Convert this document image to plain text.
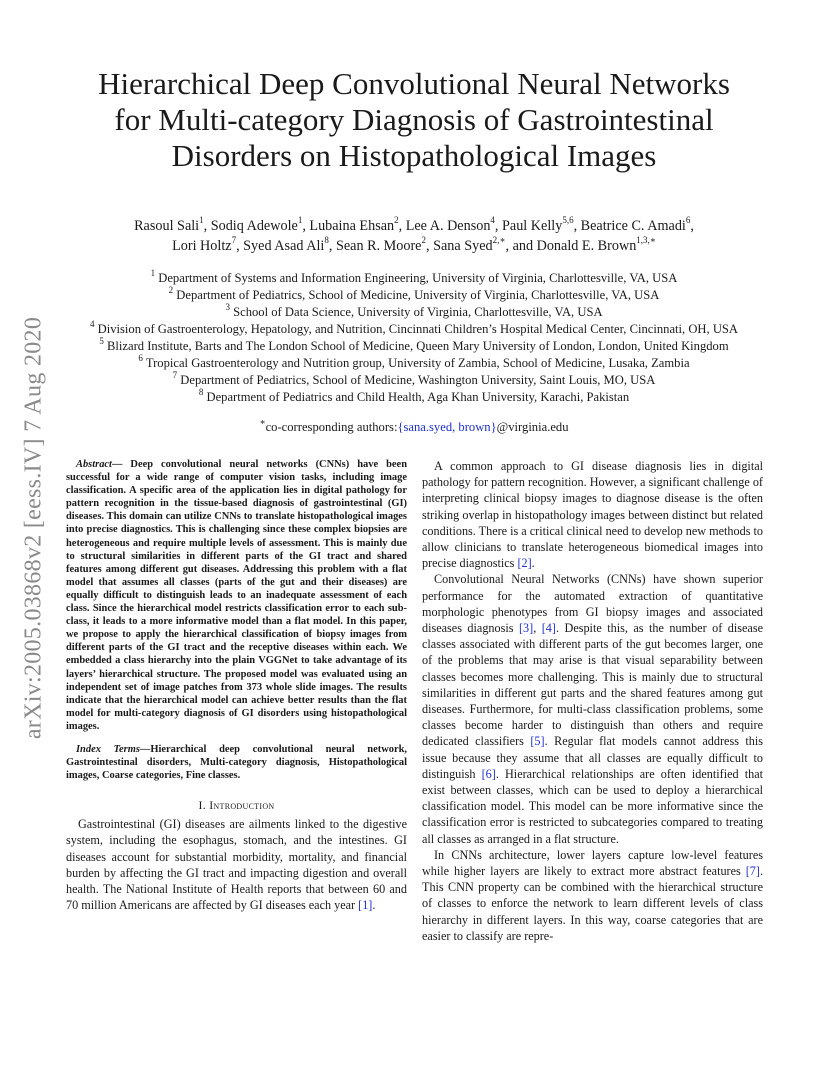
arXiv:2005.03868v2 [eess.IV] 7 Aug 2020
Hierarchical Deep Convolutional Neural Networks
for Multi-category Diagnosis of Gastrointestinal
Disorders on Histopathological Images
Rasoul Sali$^1$, Sodiq Adewole$^1$, Lubaina Ehsan$^2$, Lee A. Denson$^4$, Paul Kelly$^{5,6}$, Beatrice C. Amadi$^6$,
Lori Holtz$^7$, Syed Asad Ali$^8$, Sean R. Moore$^2$, Sana Syed$^{2,∗}$, and Donald E. Brown$^{1,3,∗}$
$^1$ Department of Systems and Information Engineering, University of Virginia, Charlottesville, VA, USA
$^2$ Department of Pediatrics, School of Medicine, University of Virginia, Charlottesville, VA, USA
$^3$ School of Data Science, University of Virginia, Charlottesville, VA, USA
$^4$ Division of Gastroenterology, Hepatology, and Nutrition, Cincinnati Children’s Hospital Medical Center, Cincinnati, OH, USA
$^5$ Blizard Institute, Barts and The London School of Medicine, Queen Mary University of London, London, United Kingdom
$^6$ Tropical Gastroenterology and Nutrition group, University of Zambia, School of Medicine, Lusaka, Zambia
$^7$ Department of Pediatrics, School of Medicine, Washington University, Saint Louis, MO, USA
$^8$ Department of Pediatrics and Child Health, Aga Khan University, Karachi, Pakistan
∗co-corresponding authors:{sana.syed, brown}@virginia.edu

Abstract— Deep convolutional neural networks (CNNs) have been successful for a wide range of computer vision tasks, including image classification. A specific area of the application lies in digital pathology for pattern recognition in the tissue-based diagnosis of gastrointestinal (GI) diseases. This domain can utilize CNNs to translate histopathological images into precise diagnostics. This is challenging since these complex biopsies are heterogeneous and require multiple levels of assessment. This is mainly due to structural similarities in different parts of the GI tract and shared features among different gut diseases. Addressing this problem with a flat model that assumes all classes (parts of the gut and their diseases) are equally difficult to distinguish leads to an inadequate assessment of each class. Since the hierarchical model restricts classification error to each sub-class, it leads to a more informative model than a flat model. In this paper, we propose to apply the hierarchical classification of biopsy images from different parts of the GI tract and the receptive diseases within each. We embedded a class hierarchy into the plain VGGNet to take advantage of its layers’ hierarchical structure. The proposed model was evaluated using an independent set of image patches from 373 whole slide images. The results indicate that the hierarchical model can achieve better results than the flat model for multi-category diagnosis of GI disorders using histopathological images.

Index Terms—Hierarchical deep convolutional neural network, Gastrointestinal disorders, Multi-category diagnosis, Histopathological images, Coarse categories, Fine classes.

I. Introduction

Gastrointestinal (GI) diseases are ailments linked to the digestive system, including the esophagus, stomach, and the intestines. GI diseases account for substantial morbidity, mortality, and financial burden by affecting the GI tract and impacting digestion and overall health. The National Institute of Health reports that between 60 and 70 million Americans are affected by GI diseases each year [1].

A common approach to GI disease diagnosis lies in digital pathology for pattern recognition. However, a significant challenge of interpreting clinical biopsy images to diagnose disease is the often striking overlap in histopathology images between distinct but related conditions. There is a critical clinical need to develop new methods to allow clinicians to translate heterogeneous biomedical images into precise diagnostics [2].

Convolutional Neural Networks (CNNs) have shown superior performance for the automated extraction of quantitative morphologic phenotypes from GI biopsy images and associated diseases diagnosis [3], [4]. Despite this, as the number of disease classes associated with different parts of the gut becomes larger, one of the problems that may arise is that visual separability between classes becomes more challenging. This is mainly due to structural similarities in different gut parts and the shared features among gut diseases. Furthermore, for multi-class classification problems, some classes become harder to distinguish than others and require dedicated classifiers [5]. Regular flat models cannot address this issue because they assume that all classes are equally difficult to distinguish [6]. Hierarchical relationships are often identified that exist between classes, which can be used to deploy a hierarchical classification model. This model can be more informative since the classification error is restricted to subcategories compared to treating all classes as arranged in a flat structure.

In CNNs architecture, lower layers capture low-level features while higher layers are likely to extract more abstract features [7]. This CNN property can be combined with the hierarchical structure of classes to enforce the network to learn different levels of class hierarchy in different layers. In this way, coarse categories that are easier to classify are repre-
